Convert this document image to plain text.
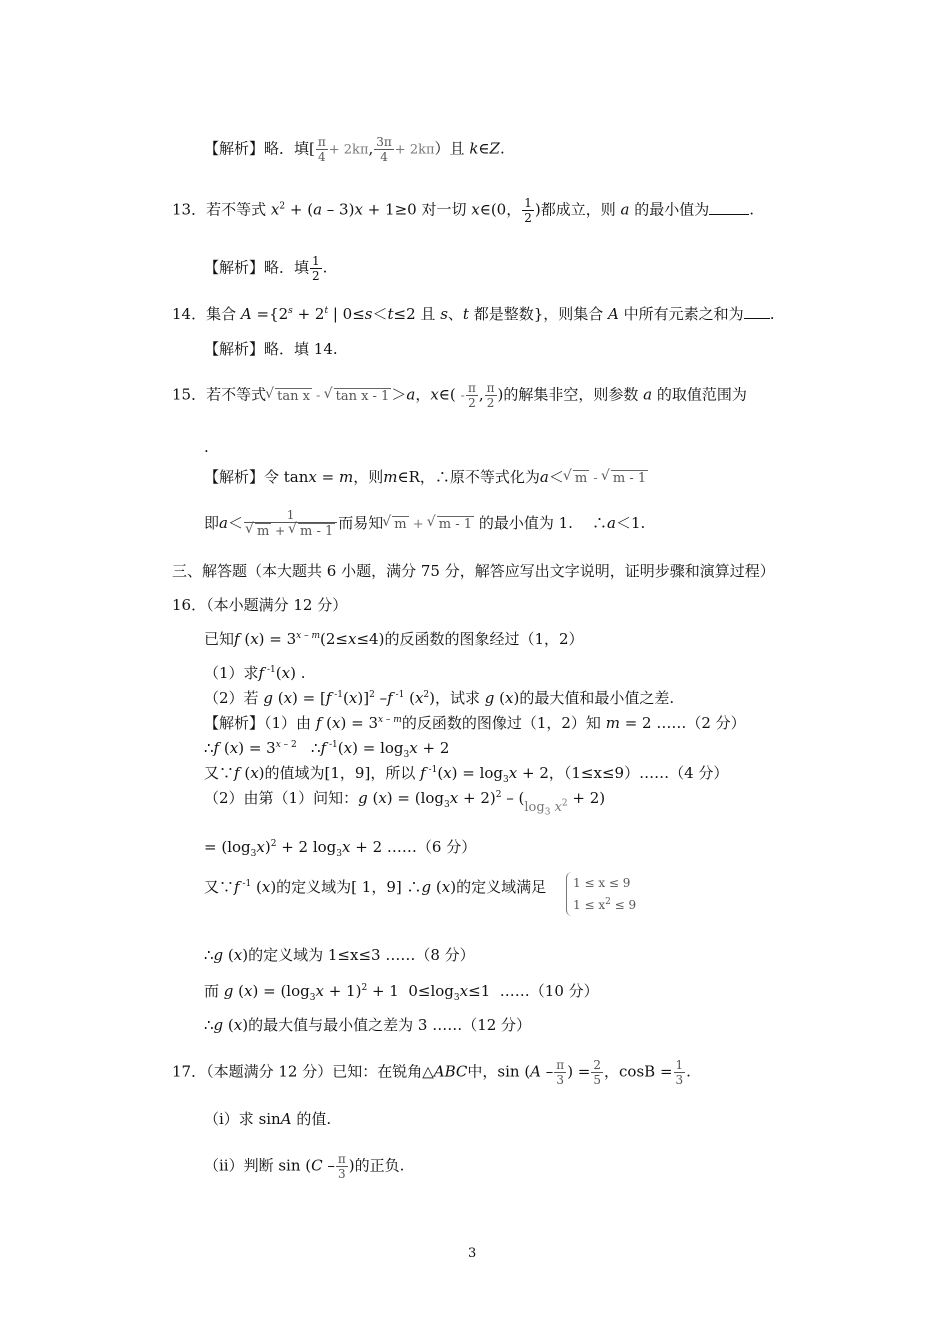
【解析】略．填[ $\frac{\pi}{4} + 2k\pi$, $\frac{3\pi}{4} + 2k\pi$）且 k∈Z.
13．若不等式 $x^2 + (a - 3)x + 1\ge 0$ 对一切 x∈(0， $\frac{1}{2}$ )都成立，则 a 的最小值为	.
【解析】略．填 $\frac{1}{2}$ .
14．集合 $A =\{2^s + 2^t$ | 0≤s＜t≤2 且 s、t 都是整数}，则集合 A 中所有元素之和为 .
【解析】略．填 14.
15．若不等式 √ tan x - √ tan x - 1 ＞a，x∈( - $\frac{\pi}{2}$ , $\frac{\pi}{2}$ )的解集非空，则参数 a 的取值范围为
.
【解析】令 tanx = m，则m∈R，∴原不等式化为a＜ √ m - √ m - 1
即a＜ 1
√ m + √ m - 1 而易知 √ m + √ m - 1 的最小值为 1. ∴a＜1.
三、解答题（本大题共 6 小题，满分 75 分，解答应写出文字说明，证明步骤和演算过程）
16．（本小题满分 12 分）
已知f $(x) = 3^{x - m}(2\le x\le 4)$的反函数的图象经过（1，2）
（1）求f $^{-1}$(x) .
（2）若 g (x) = [f $^{-1}$(x)]$^2$ –f $^{-1}$ $(x^2)$，试求 g (x)的最大值和最小值之差.
【解析】（1）由 f $(x) = 3^{x - m}$的反函数的图像过（1，2）知 m = 2 ……（2 分）
∴f $(x) = 3^{x - 2}$ ∴f $^{-1}(x) = \log_3x + 2$
又∵f (x)的值域为[1，9]，所以 f $^{-1}(x) = \log_3x + 2$，（1≤x≤9）……（4 分）
（2）由第（1）问知：g $(x) = (\log_3x + 2)^2 - (\log_3$ $x^2 + 2$)
= $(\log_3x)^2 + 2$ $\log_3x + 2$ ……（6 分）
又∵f $^{-1}$ (x)的定义域为[ 1，9] ∴g (x)的定义域满足	1 ≤ x ≤ 9
$1 \le x^2 \le 9$
∴g (x)的定义域为 1≤x≤3 ……（8 分）
而 g $(x) = (\log_3x + 1)^2 + 1$  $0\le\log_3x\le 1$  ……（10 分）
∴g (x)的最大值与最小值之差为 3 ……（12 分）
17．（本题满分 12 分）已知：在锐角△ABC中，$\sin (A - \frac{\pi}{3}$ ) = $\frac{2}{5}$ ，$\cos B = \frac{1}{3}$ .
（i）求 sinA 的值.
（ii）判断 $\sin (C - \frac{\pi}{3}$ )的正负.
3
